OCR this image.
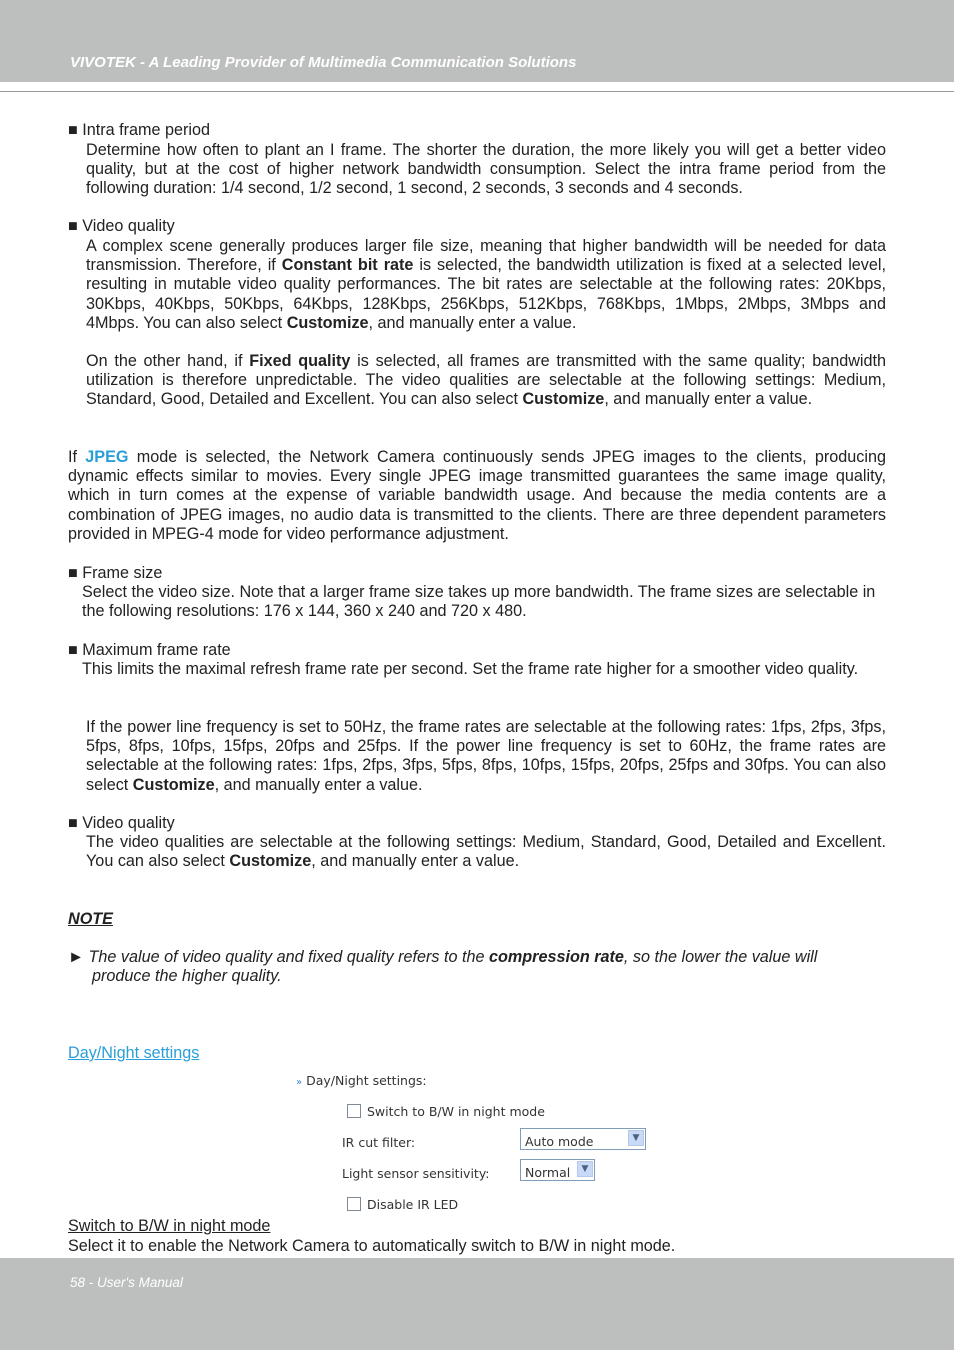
VIVOTEK - A Leading Provider of Multimedia Communication Solutions
■ Intra frame period
Determine how often to plant an I frame. The shorter the duration, the more likely you will get a better video quality, but at the cost of higher network bandwidth consumption. Select the intra frame period from the following duration: 1/4 second, 1/2 second, 1 second, 2 seconds, 3 seconds and 4 seconds.
■ Video quality
A complex scene generally produces larger file size, meaning that higher bandwidth will be needed for data transmission. Therefore, if Constant bit rate is selected, the bandwidth utilization is fixed at a selected level, resulting in mutable video quality performances. The bit rates are selectable at the following rates: 20Kbps, 30Kbps, 40Kbps, 50Kbps, 64Kbps, 128Kbps, 256Kbps, 512Kbps, 768Kbps, 1Mbps, 2Mbps, 3Mbps and 4Mbps. You can also select Customize, and manually enter a value.
On the other hand, if Fixed quality is selected, all frames are transmitted with the same quality; bandwidth utilization is therefore unpredictable. The video qualities are selectable at the following settings: Medium, Standard, Good, Detailed and Excellent. You can also select Customize, and manually enter a value.
If JPEG mode is selected, the Network Camera continuously sends JPEG images to the clients, producing dynamic effects similar to movies. Every single JPEG image transmitted guarantees the same image quality, which in turn comes at the expense of variable bandwidth usage. And because the media contents are a combination of JPEG images, no audio data is transmitted to the clients. There are three dependent parameters provided in MPEG-4 mode for video performance adjustment.
■ Frame size
Select the video size. Note that a larger frame size takes up more bandwidth. The frame sizes are selectable in the following resolutions: 176 x 144, 360 x 240 and 720 x 480.
■ Maximum frame rate
This limits the maximal refresh frame rate per second. Set the frame rate higher for a smoother video quality.
If the power line frequency is set to 50Hz, the frame rates are selectable at the following rates: 1fps, 2fps, 3fps, 5fps, 8fps, 10fps, 15fps, 20fps and 25fps. If the power line frequency is set to 60Hz, the frame rates are selectable at the following rates: 1fps, 2fps, 3fps, 5fps, 8fps, 10fps, 15fps, 20fps, 25fps and 30fps. You can also select Customize, and manually enter a value.
■ Video quality
The video qualities are selectable at the following settings: Medium, Standard, Good, Detailed and Excellent. You can also select Customize, and manually enter a value.
NOTE
► The value of video quality and fixed quality refers to the compression rate, so the lower the value will
produce the higher quality.
Day/Night settings
» Day/Night settings:
Switch to B/W in night mode
IR cut filter:	Auto mode	▼
Light sensor sensitivity:	Normal	▼
Disable IR LED
Switch to B/W in night mode
Select it to enable the Network Camera to automatically switch to B/W in night mode.
58 - User's Manual
